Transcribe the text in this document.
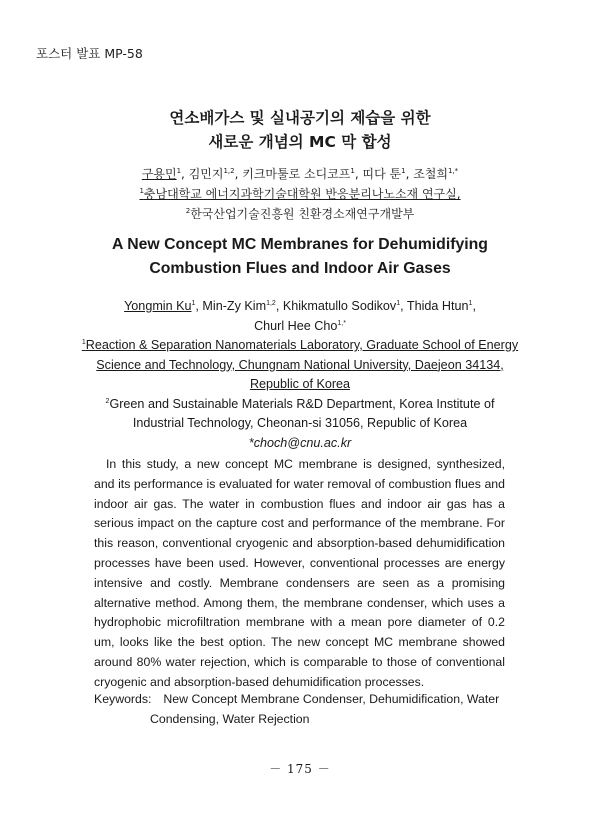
포스터 발표 MP-58
연소배가스 및 실내공기의 제습을 위한
새로운 개념의 MC 막 합성
구용민$^1$, 김민지$^{1,2}$, 키크마툴로 소디코프$^1$, 띠다 툰$^1$, 조철희$^{1,*}$
$^1$충남대학교 에너지과학기술대학원 반응분리나노소재 연구실,
$^2$한국산업기술진흥원 친환경소재연구개발부
A New Concept MC Membranes for Dehumidifying
Combustion Flues and Indoor Air Gases
Yongmin Ku$^1$, Min-Zy Kim$^{1,2}$, Khikmatullo Sodikov$^1$, Thida Htun$^1$,
Churl Hee Cho$^{1,*}$
$^1$Reaction & Separation Nanomaterials Laboratory, Graduate School of Energy
Science and Technology, Chungnam National University, Daejeon 34134,
Republic of Korea
$^2$Green and Sustainable Materials R&D Department, Korea Institute of
Industrial Technology, Cheonan-si 31056, Republic of Korea
*choch@cnu.ac.kr

In this study, a new concept MC membrane is designed, synthesized, and its performance is evaluated for water removal of combustion flues and indoor air gas. The water in combustion flues and indoor air gas has a serious impact on the capture cost and performance of the membrane. For this reason, conventional cryogenic and absorption-based dehumidification processes have been used. However, conventional processes are energy intensive and costly. Membrane condensers are seen as a promising alternative method. Among them, the membrane condenser, which uses a hydrophobic microfiltration membrane with a mean pore diameter of 0.2 um, looks like the best option. The new concept MC membrane showed around 80% water rejection, which is comparable to those of conventional cryogenic and absorption-based dehumidification processes.

Keywords: New Concept Membrane Condenser, Dehumidification, Water
Condensing, Water Rejection
－ 175 －
